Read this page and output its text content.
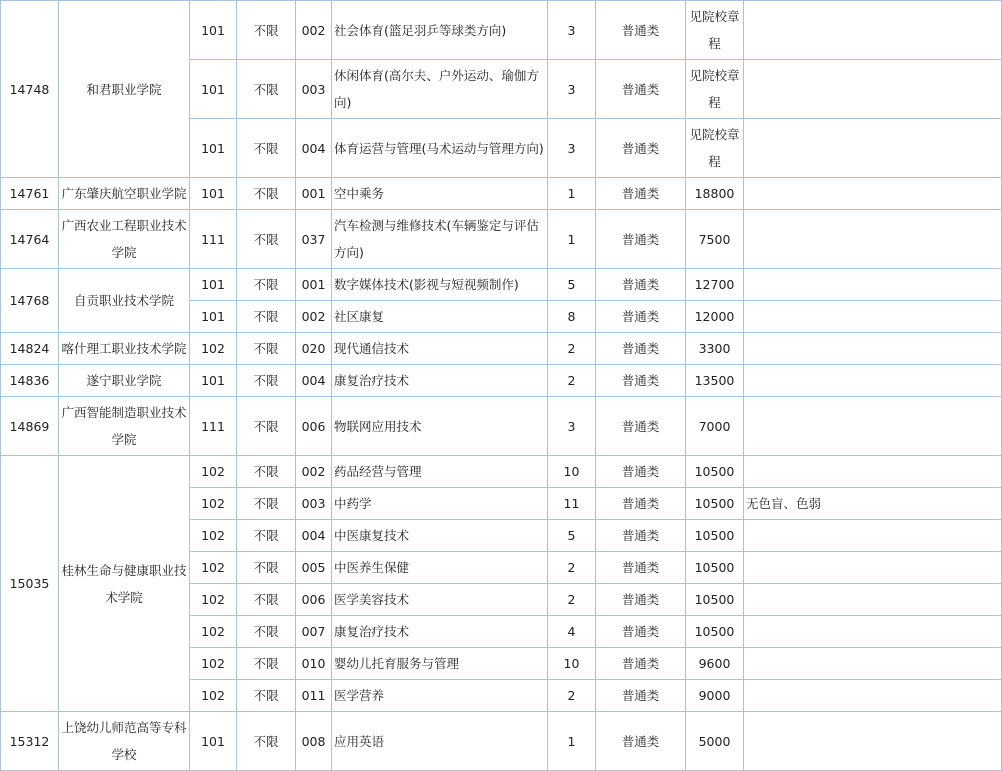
14748	和君职业学院	101	不限	002	社会体育(篮足羽乒等球类方向)	3	普通类	见院校章程	
		101	不限	003	休闲体育(高尔夫、户外运动、瑜伽方向)	3	普通类	见院校章程	
		101	不限	004	体育运营与管理(马术运动与管理方向)	3	普通类	见院校章程	
14761	广东肇庆航空职业学院	101	不限	001	空中乘务	1	普通类	18800	
14764	广西农业工程职业技术学院	111	不限	037	汽车检测与维修技术(车辆鉴定与评估方向)	1	普通类	7500	
14768	自贡职业技术学院	101	不限	001	数字媒体技术(影视与短视频制作)	5	普通类	12700	
		101	不限	002	社区康复	8	普通类	12000	
14824	喀什理工职业技术学院	102	不限	020	现代通信技术	2	普通类	3300	
14836	遂宁职业学院	101	不限	004	康复治疗技术	2	普通类	13500	
14869	广西智能制造职业技术学院	111	不限	006	物联网应用技术	3	普通类	7000	
15035	桂林生命与健康职业技术学院	102	不限	002	药品经营与管理	10	普通类	10500	
		102	不限	003	中药学	11	普通类	10500	无色盲、色弱
		102	不限	004	中医康复技术	5	普通类	10500	
		102	不限	005	中医养生保健	2	普通类	10500	
		102	不限	006	医学美容技术	2	普通类	10500	
		102	不限	007	康复治疗技术	4	普通类	10500	
		102	不限	010	婴幼儿托育服务与管理	10	普通类	9600	
		102	不限	011	医学营养	2	普通类	9000	
15312	上饶幼儿师范高等专科学校	101	不限	008	应用英语	1	普通类	5000	
